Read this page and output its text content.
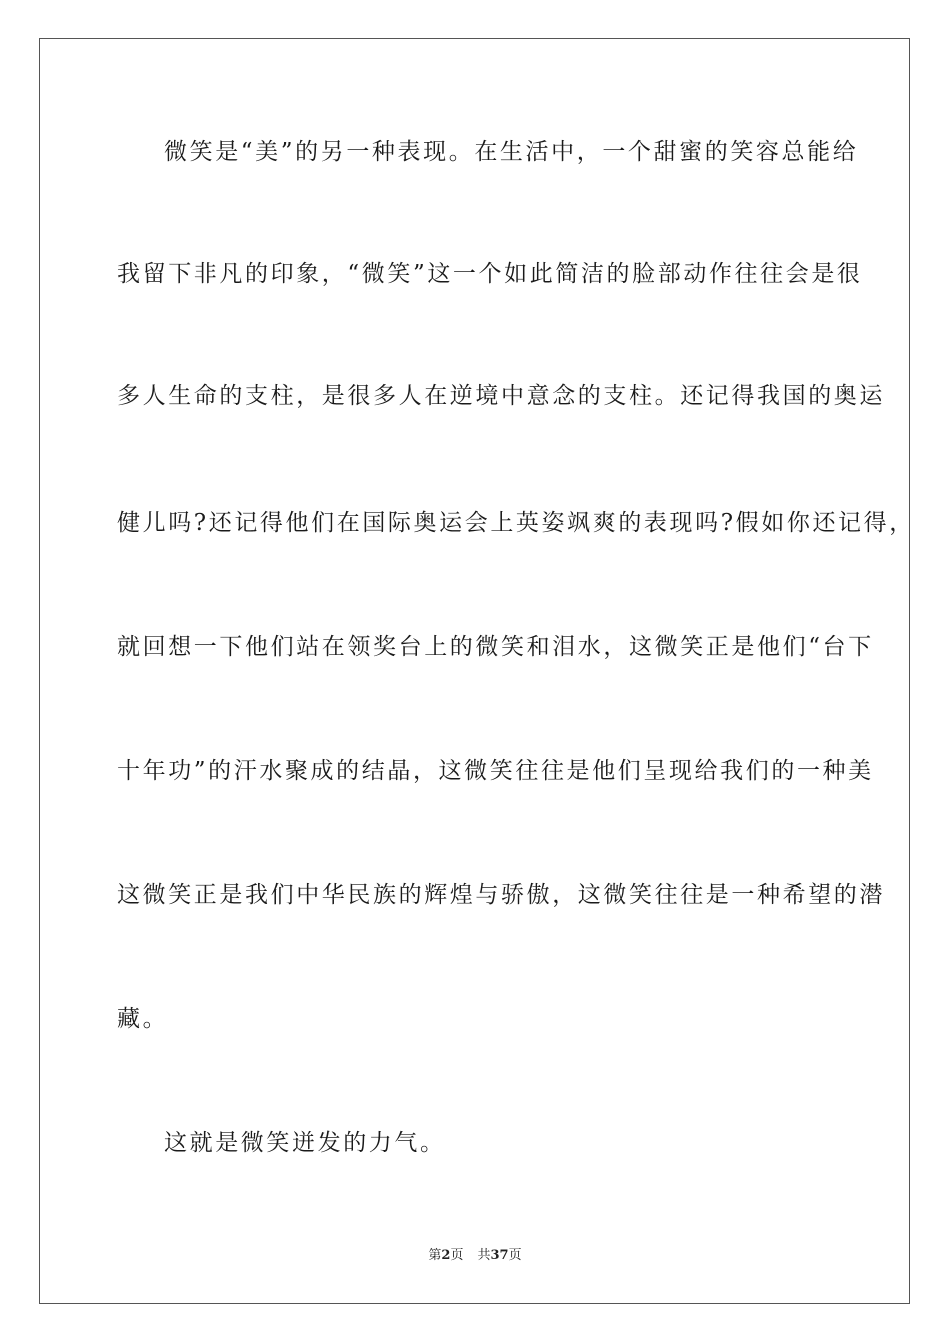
微笑是“美”的另一种表现。在生活中，一个甜蜜的笑容总能给
我留下非凡的印象，“微笑”这一个如此简洁的脸部动作往往会是很
多人生命的支柱，是很多人在逆境中意念的支柱。还记得我国的奥运
健儿吗?还记得他们在国际奥运会上英姿飒爽的表现吗?假如你还记得，
就回想一下他们站在领奖台上的微笑和泪水，这微笑正是他们“台下
十年功”的汗水聚成的结晶，这微笑往往是他们呈现给我们的一种美
这微笑正是我们中华民族的辉煌与骄傲，这微笑往往是一种希望的潜
藏。
这就是微笑迸发的力气。
第2页 共37页
